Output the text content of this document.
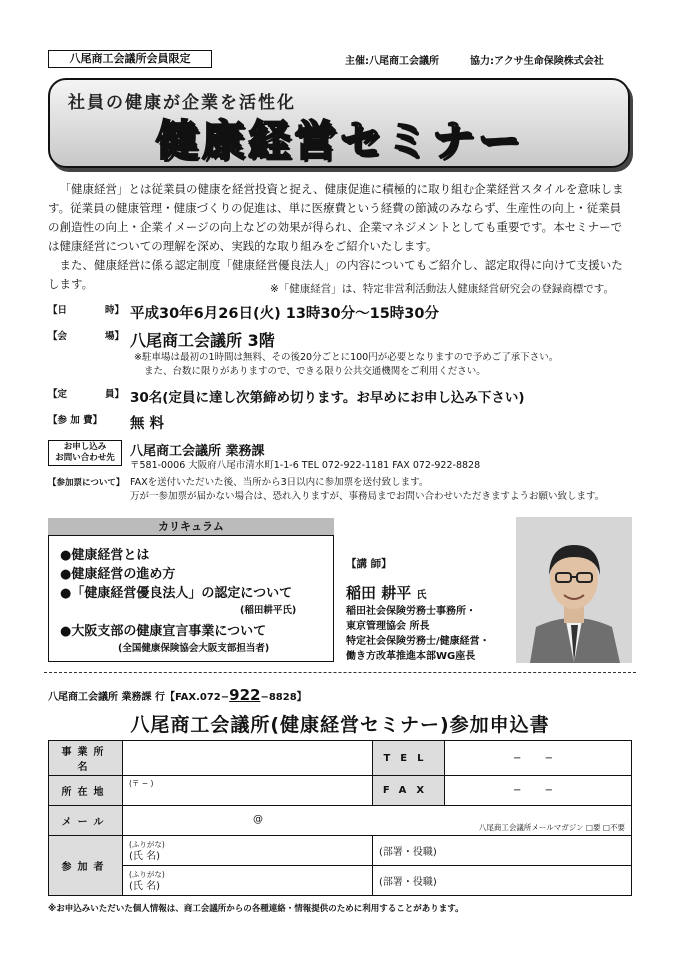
八尾商工会議所会員限定	主催:八尾商工会議所	協力:アクサ生命保険株式会社
社員の健康が企業を活性化
健康経営セミナー

「健康経営」とは従業員の健康を経営投資と捉え、健康促進に積極的に取り組む企業経営スタイルを意味します。従業員の健康管理・健康づくりの促進は、単に医療費という経費の節減のみならず、生産性の向上・従業員の創造性の向上・企業イメージの向上などの効果が得られ、企業マネジメントとしても重要です。本セミナーでは健康経営についての理解を深め、実践的な取り組みをご紹介いたします。

また、健康経営に係る認定制度「健康経営優良法人」の内容についてもご紹介し、認定取得に向けて支援いたします。	※「健康経営」は、特定非営利活動法人健康経営研究会の登録商標です。
【日	時】 平成30年6月26日(火) 13時30分〜15時30分
【会	場】 八尾商工会議所 3階
※駐車場は最初の1時間は無料、その後20分ごとに100円が必要となりますので予めご了承下さい。
また、台数に限りがありますので、できる限り公共交通機関をご利用ください。
【定	員】 30名(定員に達し次第締め切ります。お早めにお申し込み下さい)
【参 加 費】	無 料
お申し込み
お問い合わせ先	八尾商工会議所 業務課
〒581-0006 大阪府八尾市清水町1-1-6 TEL 072-922-1181 FAX 072-922-8828
【参加票について】 FAXを送付いただいた後、当所から3日以内に参加票を送付致します。
万が一参加票が届かない場合は、恐れ入りますが、事務局までお問い合わせいただきますようお願い致します。
カリキュラム
●健康経営とは
●健康経営の進め方
●「健康経営優良法人」の認定について
(稲田耕平氏)
●大阪支部の健康宣言事業について
(全国健康保険協会大阪支部担当者)
【講 師】
稲田 耕平 氏
稲田社会保険労務士事務所・
東京管理協会 所長
特定社会保険労務士/健康経営・
働き方改革推進本部WG座長
八尾商工会議所 業務課 行【FAX.072−922−8828】
八尾商工会議所(健康経営セミナー)参加申込書
事業所名		TEL	− −
所在地	(〒 − )	FAX	− −
メール	@
八尾商工会議所メールマガジン □要 □不要		

参加者	(ふりがな)
(氏 名)	(部署・役職)	

	(ふりがな)
(氏 名)	(部署・役職)	
※お申込みいただいた個人情報は、商工会議所からの各種連絡・情報提供のために利用することがあります。
